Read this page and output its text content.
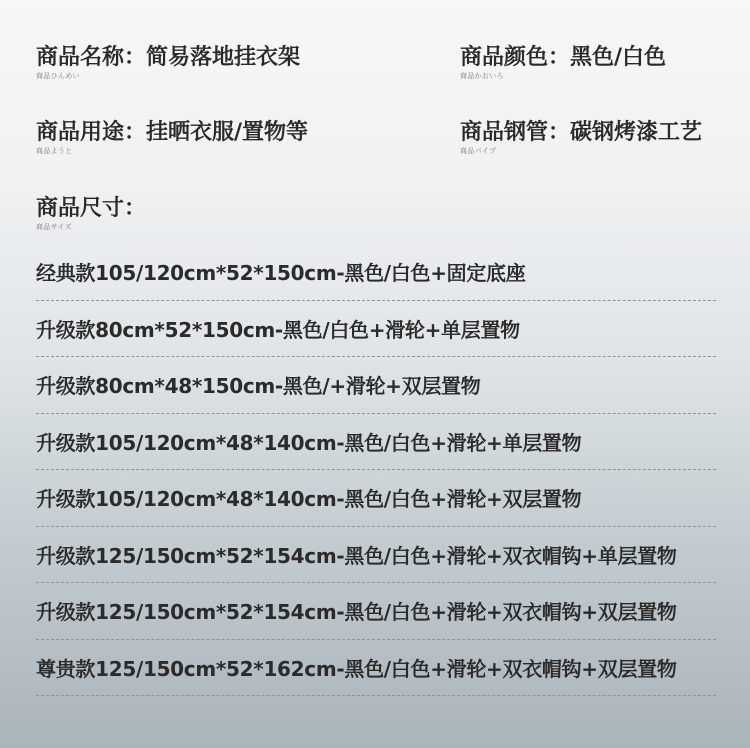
商品名称：简易落地挂衣架
商品ひんめい
商品颜色：黑色/白色
商品かおいろ
商品用途：挂晒衣服/置物等
商品ようと
商品钢管：碳钢烤漆工艺
商品パイプ
商品尺寸：
商品サイズ
经典款105/120cm*52*150cm-黑色/白色+固定底座
升级款80cm*52*150cm-黑色/白色+滑轮+单层置物
升级款80cm*48*150cm-黑色/+滑轮+双层置物
升级款105/120cm*48*140cm-黑色/白色+滑轮+单层置物
升级款105/120cm*48*140cm-黑色/白色+滑轮+双层置物
升级款125/150cm*52*154cm-黑色/白色+滑轮+双衣帽钩+单层置物
升级款125/150cm*52*154cm-黑色/白色+滑轮+双衣帽钩+双层置物
尊贵款125/150cm*52*162cm-黑色/白色+滑轮+双衣帽钩+双层置物
